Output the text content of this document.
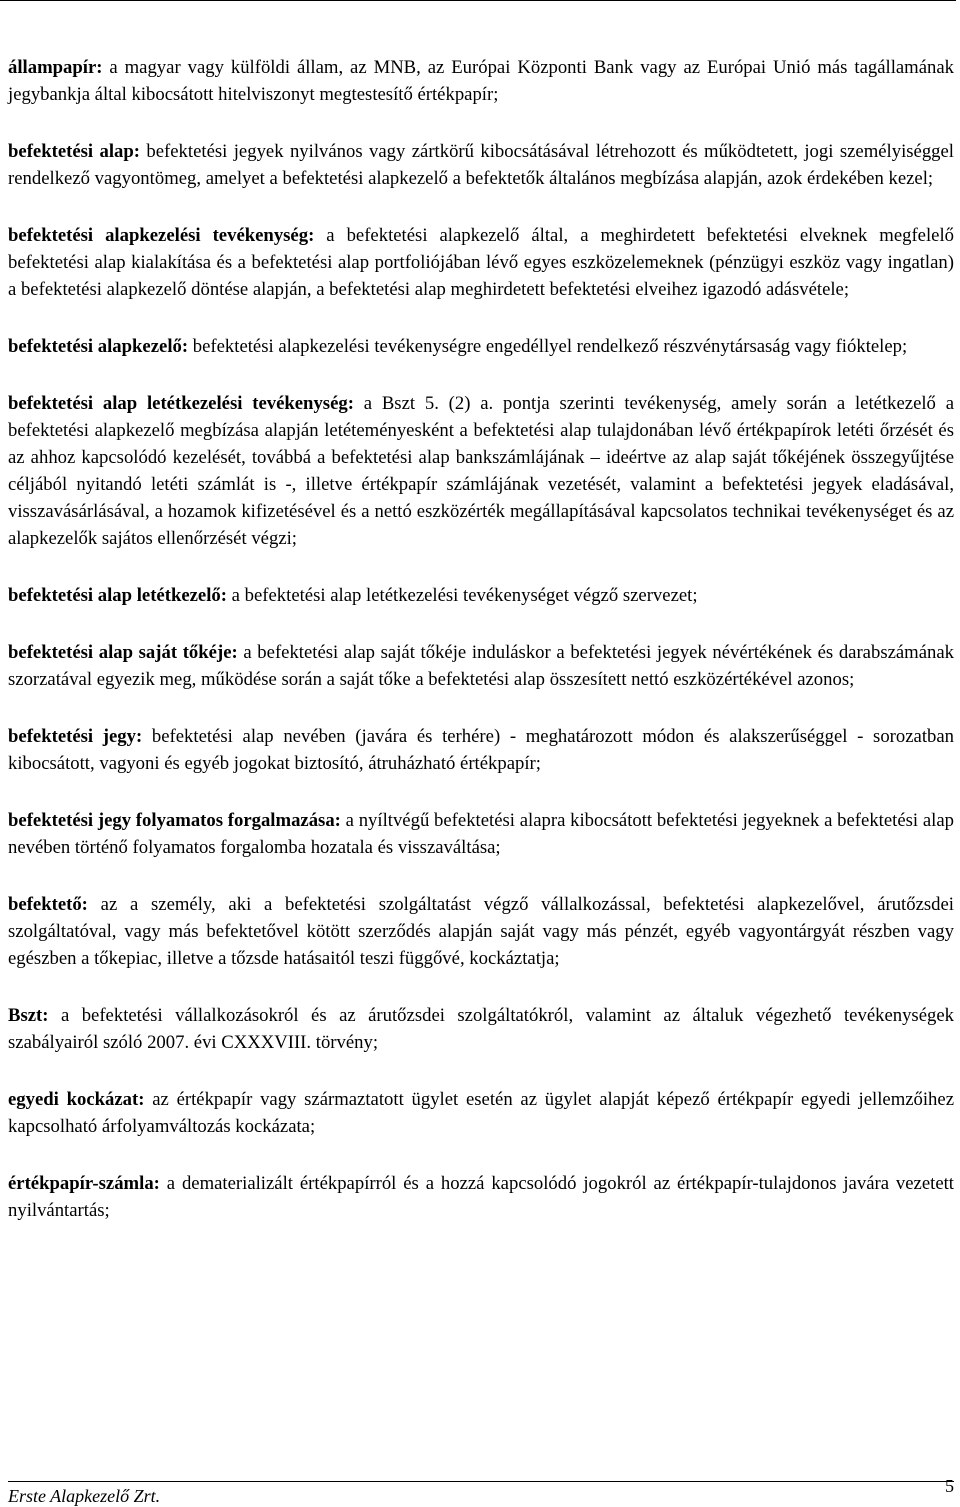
állampapír: a magyar vagy külföldi állam, az MNB, az Európai Központi Bank vagy az Európai Unió más tagállamának jegybankja által kibocsátott hitelviszonyt megtestesítő értékpapír;

befektetési alap: befektetési jegyek nyilvános vagy zártkörű kibocsátásával létrehozott és működtetett, jogi személyiséggel rendelkező vagyontömeg, amelyet a befektetési alapkezelő a befektetők általános megbízása alapján, azok érdekében kezel;

befektetési alapkezelési tevékenység: a befektetési alapkezelő által, a meghirdetett befektetési elveknek megfelelő befektetési alap kialakítása és a befektetési alap portfoliójában lévő egyes eszközelemeknek (pénzügyi eszköz vagy ingatlan) a befektetési alapkezelő döntése alapján, a befektetési alap meghirdetett befektetési elveihez igazodó adásvétele;

befektetési alapkezelő: befektetési alapkezelési tevékenységre engedéllyel rendelkező részvénytársaság vagy fióktelep;

befektetési alap letétkezelési tevékenység: a Bszt 5. (2) a. pontja szerinti tevékenység, amely során a letétkezelő a befektetési alapkezelő megbízása alapján letéteményesként a befektetési alap tulajdonában lévő értékpapírok letéti őrzését és az ahhoz kapcsolódó kezelését, továbbá a befektetési alap bankszámlájának – ideértve az alap saját tőkéjének összegyűjtése céljából nyitandó letéti számlát is -, illetve értékpapír számlájának vezetését, valamint a befektetési jegyek eladásával, visszavásárlásával, a hozamok kifizetésével és a nettó eszközérték megállapításával kapcsolatos technikai tevékenységet és az alapkezelők sajátos ellenőrzését végzi;

befektetési alap letétkezelő: a befektetési alap letétkezelési tevékenységet végző szervezet;

befektetési alap saját tőkéje: a befektetési alap saját tőkéje induláskor a befektetési jegyek névértékének és darabszámának szorzatával egyezik meg, működése során a saját tőke a befektetési alap összesített nettó eszközértékével azonos;

befektetési jegy: befektetési alap nevében (javára és terhére) - meghatározott módon és alakszerűséggel - sorozatban kibocsátott, vagyoni és egyéb jogokat biztosító, átruházható értékpapír;

befektetési jegy folyamatos forgalmazása: a nyíltvégű befektetési alapra kibocsátott befektetési jegyeknek a befektetési alap nevében történő folyamatos forgalomba hozatala és visszaváltása;

befektető: az a személy, aki a befektetési szolgáltatást végző vállalkozással, befektetési alapkezelővel, árutőzsdei szolgáltatóval, vagy más befektetővel kötött szerződés alapján saját vagy más pénzét, egyéb vagyontárgyát részben vagy egészben a tőkepiac, illetve a tőzsde hatásaitól teszi függővé, kockáztatja;

Bszt: a befektetési vállalkozásokról és az árutőzsdei szolgáltatókról, valamint az általuk végezhető tevékenységek szabályairól szóló 2007. évi CXXXVIII. törvény;

egyedi kockázat: az értékpapír vagy származtatott ügylet esetén az ügylet alapját képező értékpapír egyedi jellemzőihez kapcsolható árfolyamváltozás kockázata;

értékpapír-számla: a dematerializált értékpapírról és a hozzá kapcsolódó jogokról az értékpapír-tulajdonos javára vezetett nyilvántartás;

Erste Alapkezelő Zrt.	5
